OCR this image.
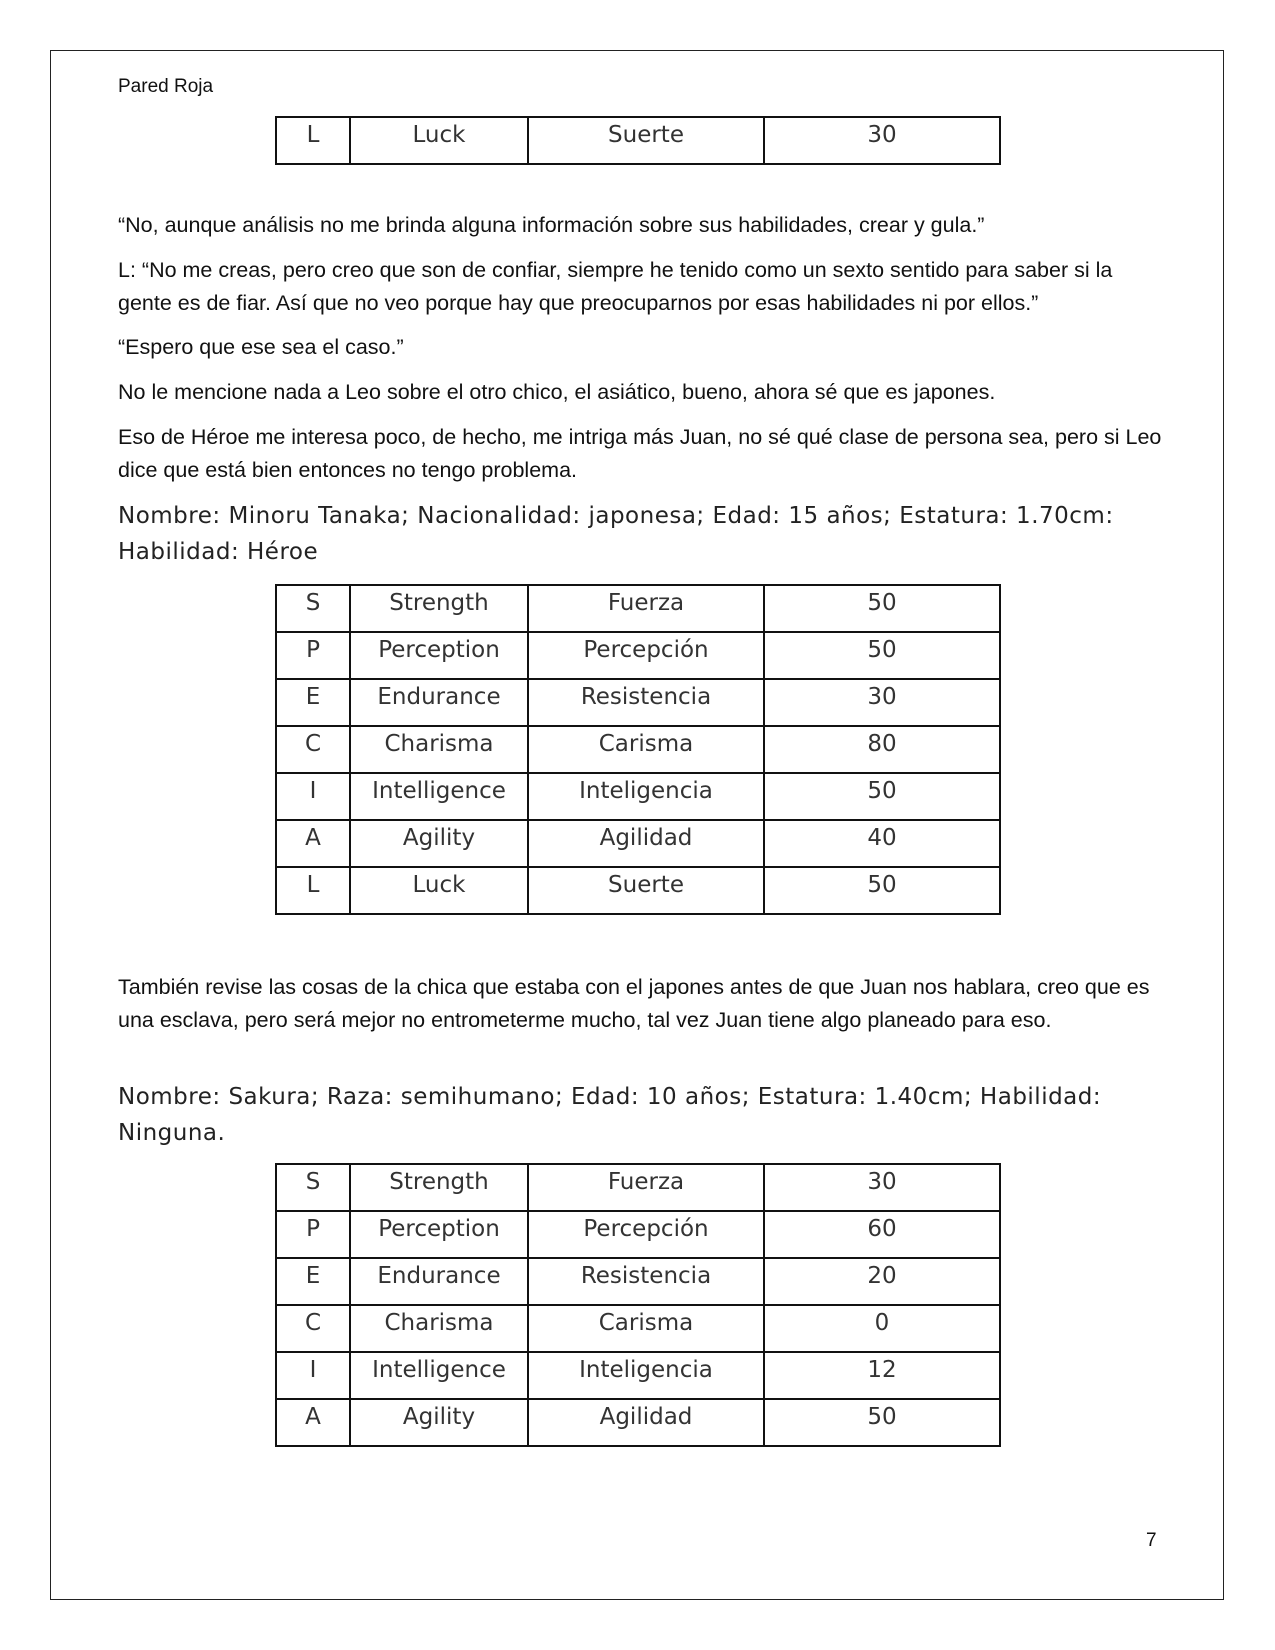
Pared Roja
L	Luck	Suerte	30

“No, aunque análisis no me brinda alguna información sobre sus habilidades, crear y gula.”

L: “No me creas, pero creo que son de confiar, siempre he tenido como un sexto sentido para saber si la gente es de fiar. Así que no veo porque hay que preocuparnos por esas habilidades ni por ellos.”

“Espero que ese sea el caso.”

No le mencione nada a Leo sobre el otro chico, el asiático, bueno, ahora sé que es japones.

Eso de Héroe me interesa poco, de hecho, me intriga más Juan, no sé qué clase de persona sea, pero si Leo dice que está bien entonces no tengo problema.

Nombre: Minoru Tanaka; Nacionalidad: japonesa; Edad: 15 años; Estatura: 1.70cm: Habilidad: Héroe

S	Strength	Fuerza	50
P	Perception	Percepción	50
E	Endurance	Resistencia	30
C	Charisma	Carisma	80
I	Intelligence	Inteligencia	50
A	Agility	Agilidad	40
L	Luck	Suerte	50

También revise las cosas de la chica que estaba con el japones antes de que Juan nos hablara, creo que es una esclava, pero será mejor no entrometerme mucho, tal vez Juan tiene algo planeado para eso.

Nombre: Sakura; Raza: semihumano; Edad: 10 años; Estatura: 1.40cm; Habilidad: Ninguna.

S	Strength	Fuerza	30
P	Perception	Percepción	60
E	Endurance	Resistencia	20
C	Charisma	Carisma	0
I	Intelligence	Inteligencia	12
A	Agility	Agilidad	50
7
